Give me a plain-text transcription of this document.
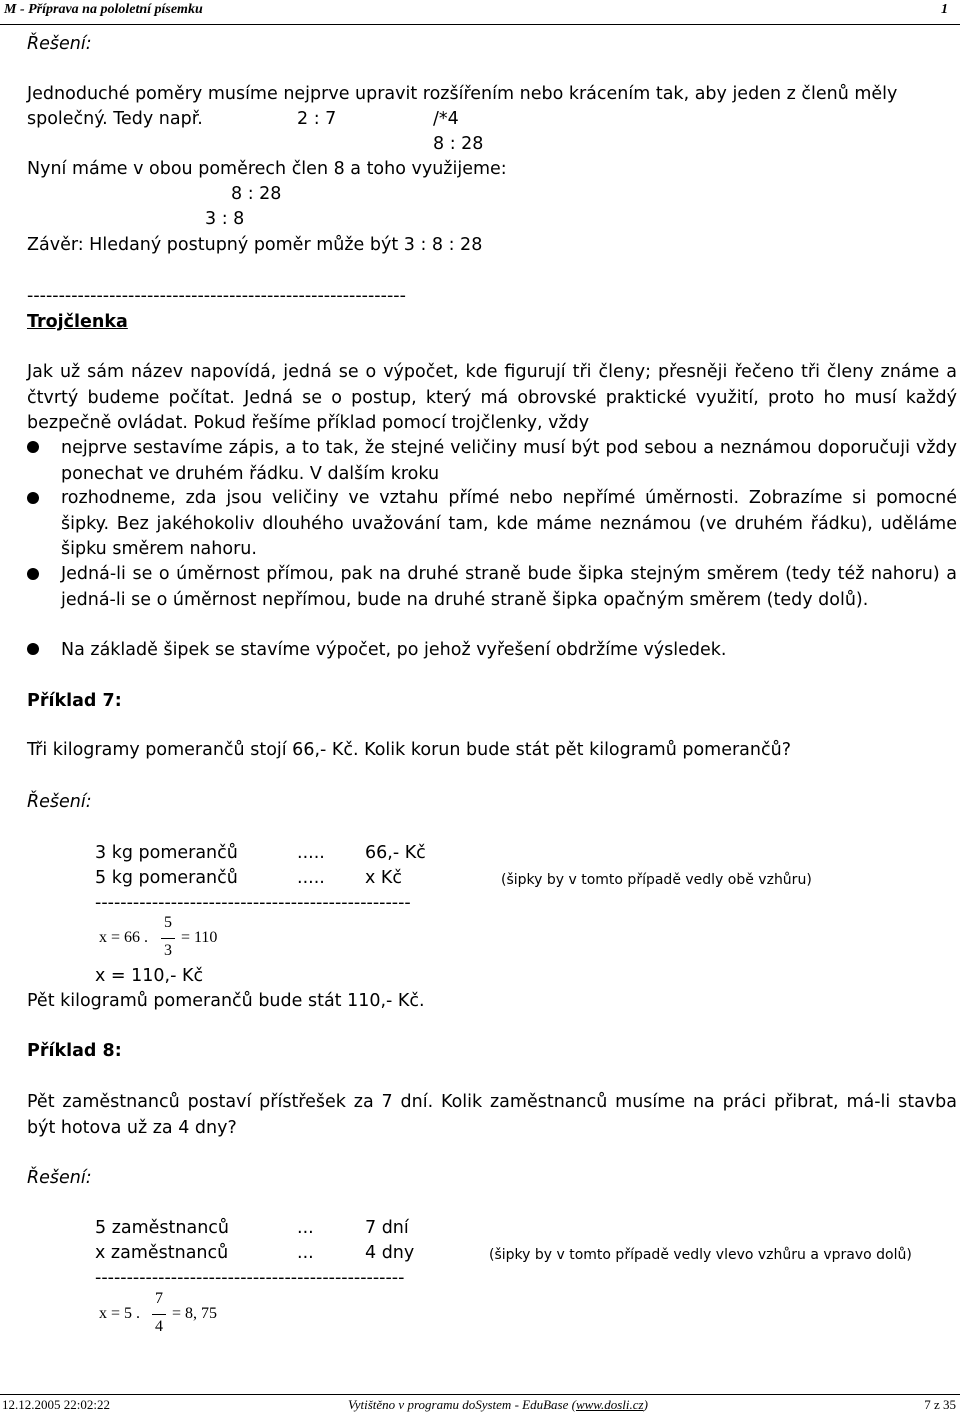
M - Příprava na pololetní písemku	1
Řešení:
Jednoduché poměry musíme nejprve upravit rozšířením nebo krácením tak, aby jeden z členů měly
společný. Tedy např.	2 : 7	/*4
8 : 28
Nyní máme v obou poměrech člen 8 a toho využijeme:
8 : 28
3 : 8
Závěr: Hledaný postupný poměr může být 3 : 8 : 28
------------------------------------------------------------
Trojčlenka
Jak už sám název napovídá, jedná se o výpočet, kde figurují tři členy; přesněji řečeno tři členy známe a čtvrtý budeme počítat. Jedná se o postup, který má obrovské praktické využití, proto ho musí každý bezpečně ovládat. Pokud řešíme příklad pomocí trojčlenky, vždy
nejprve sestavíme zápis, a to tak, že stejné veličiny musí být pod sebou a neznámou doporučuji vždy ponechat ve druhém řádku. V dalším kroku
rozhodneme, zda jsou veličiny ve vztahu přímé nebo nepřímé úměrnosti. Zobrazíme si pomocné šipky. Bez jakéhokoliv dlouhého uvažování tam, kde máme neznámou (ve druhém řádku), uděláme šipku směrem nahoru.
Jedná-li se o úměrnost přímou, pak na druhé straně bude šipka stejným směrem (tedy též nahoru) a jedná-li se o úměrnost nepřímou, bude na druhé straně šipka opačným směrem (tedy dolů).
Na základě šipek se stavíme výpočet, po jehož vyřešení obdržíme výsledek.
Příklad 7:
Tři kilogramy pomerančů stojí 66,- Kč. Kolik korun bude stát pět kilogramů pomerančů?
Řešení:
3 kg pomerančů	..... 66,- Kč
5 kg pomerančů	..... x Kč	(šipky by v tomto případě vedly obě vzhůru)
--------------------------------------------------
x = 66 .
5
3
= 110
x = 110,- Kč
Pět kilogramů pomerančů bude stát 110,- Kč.
Příklad 8:
Pět zaměstnanců postaví přístřešek za 7 dní. Kolik zaměstnanců musíme na práci přibrat, má-li stavba být hotova už za 4 dny?
Řešení:
5 zaměstnanců	...	7 dní
x zaměstnanců	...	4 dny	(šipky by v tomto případě vedly vlevo vzhůru a vpravo dolů)
-------------------------------------------------
x = 5 .
7
4
= 8, 75
12.12.2005 22:02:22	Vytištěno v programu doSystem - EduBase (www.dosli.cz)	7 z 35
